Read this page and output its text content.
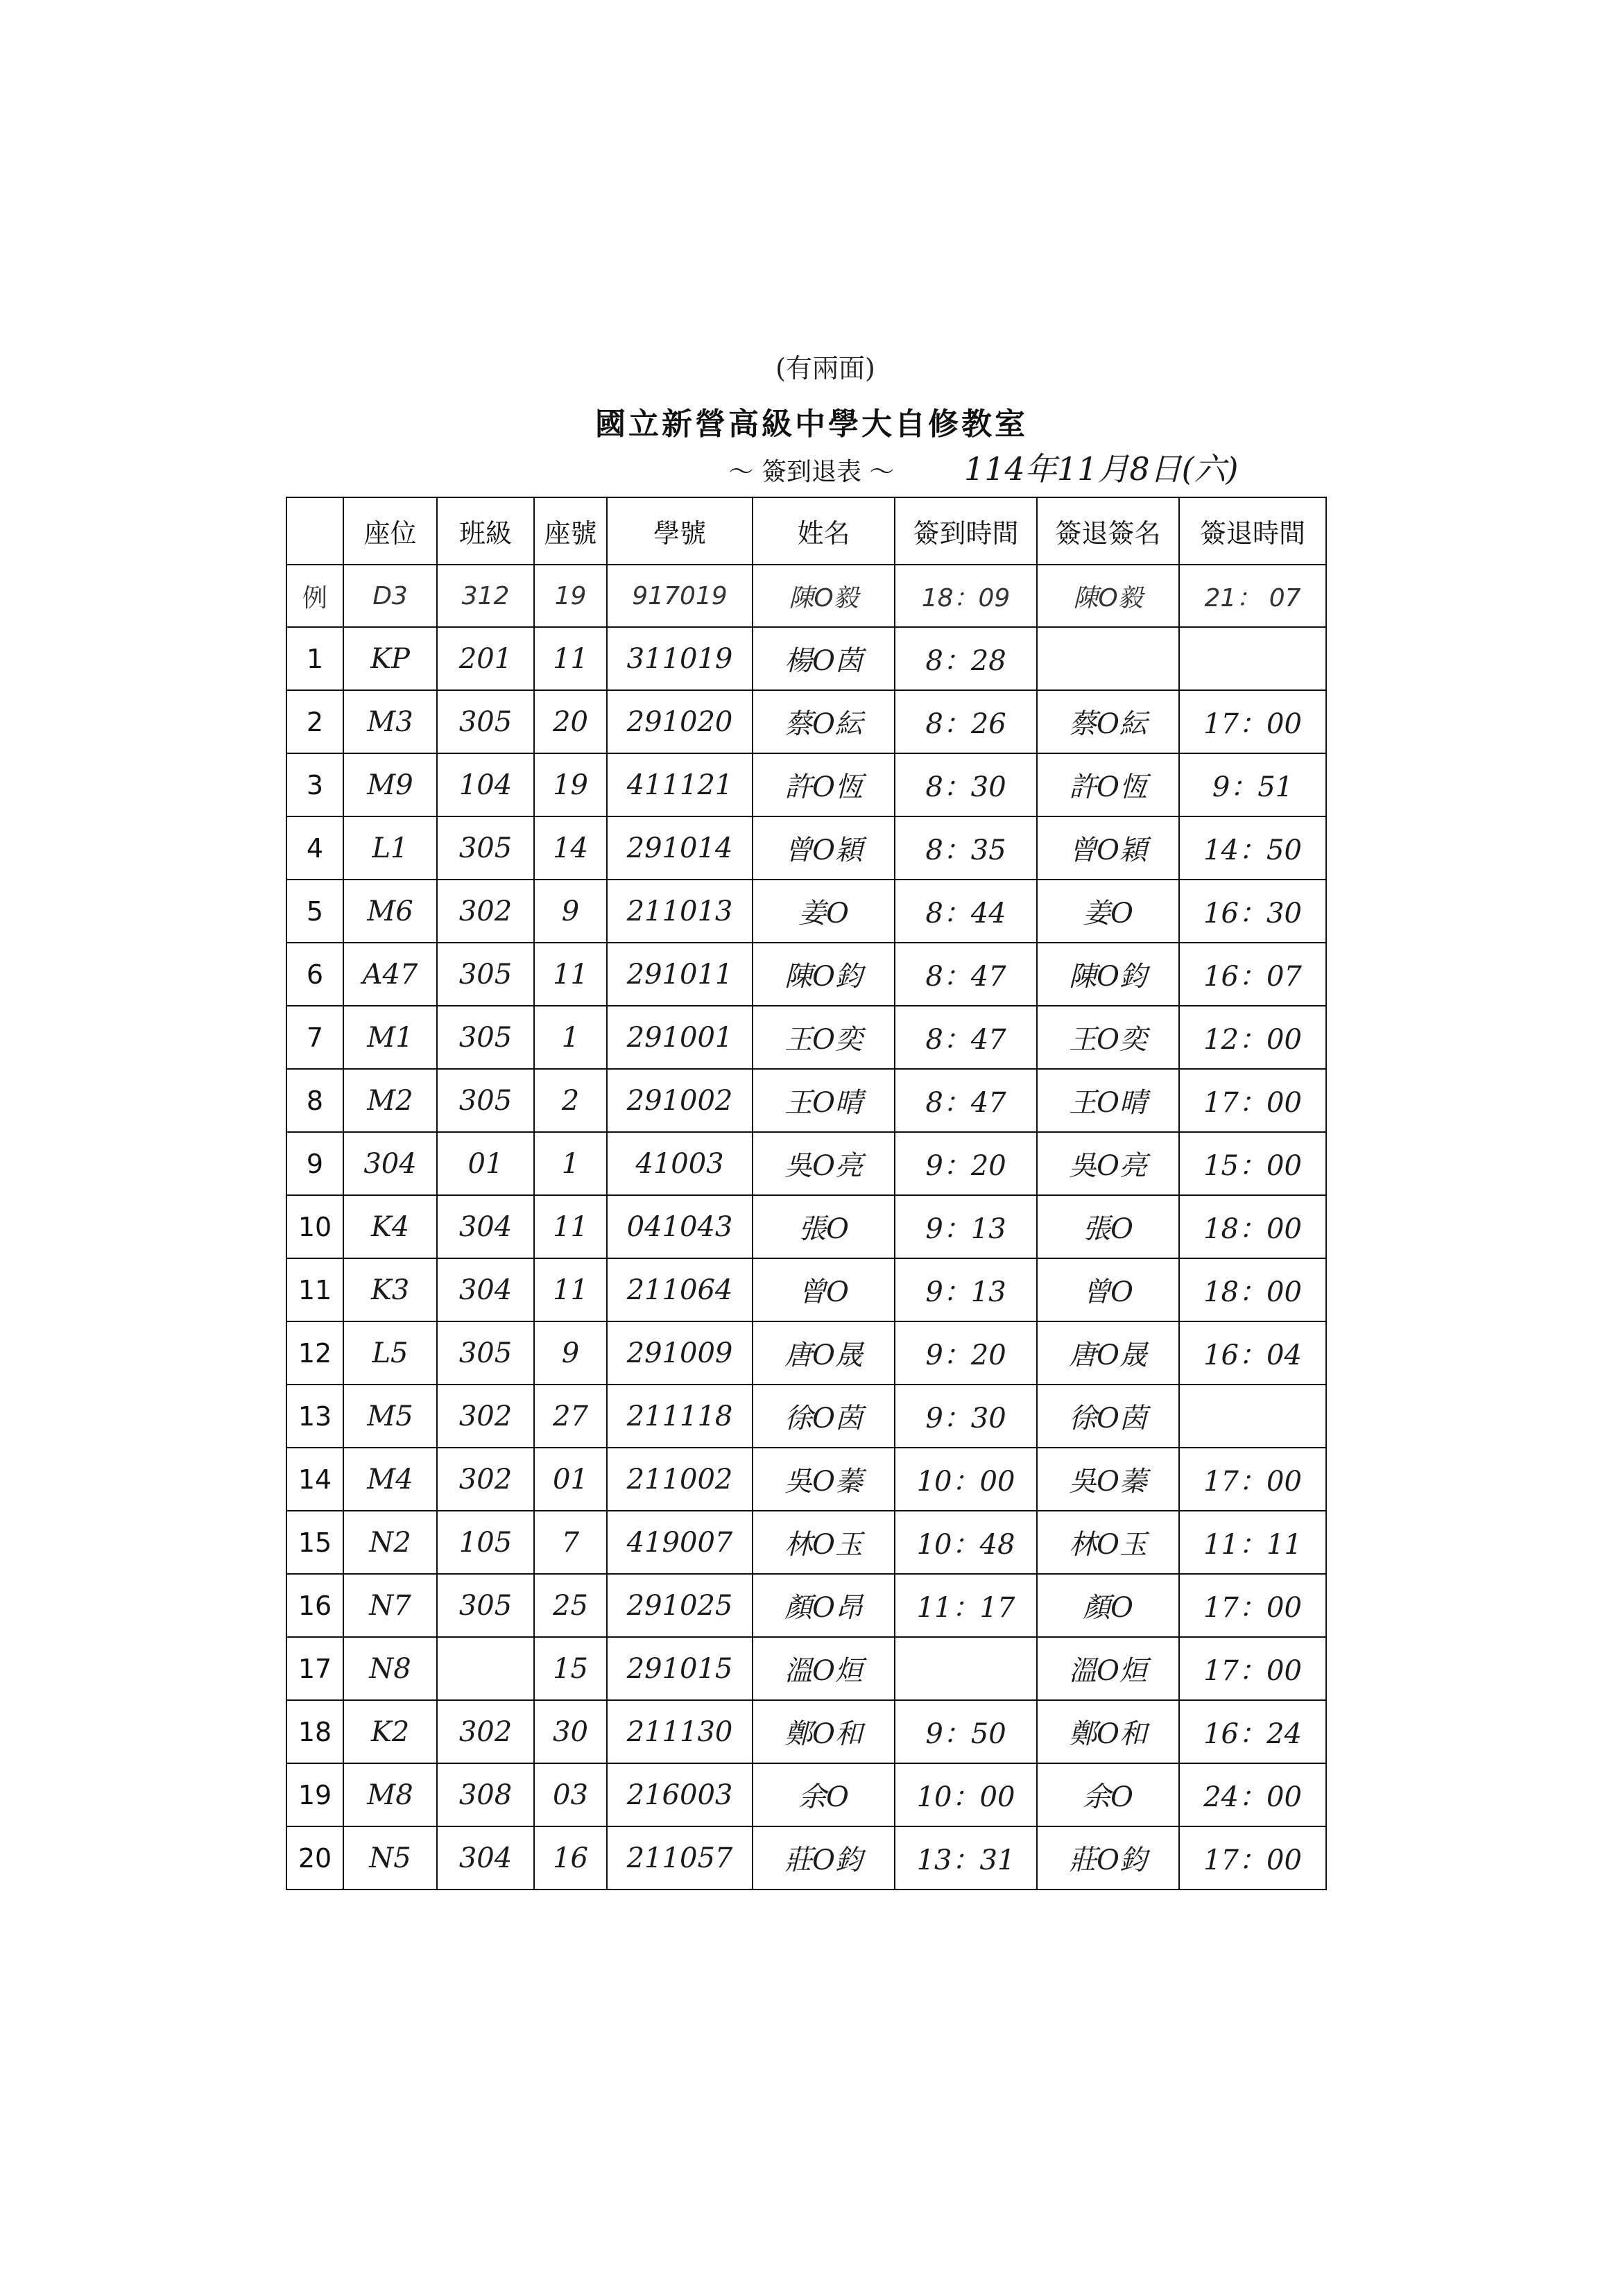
(有兩面)
國立新營高級中學大自修教室
～ 簽到退表 ～	114年11月8日(六)
	座位	班級	座號	學號	姓名	簽到時間	簽退簽名	簽退時間
例	D3	312	19	917019	陳O毅	18：09	陳O毅	21： 07
1	KP	201	11	311019	楊O茵	8：28		
2	M3	305	20	291020	蔡O紜	8：26	蔡O紜	17：00
3	M9	104	19	411121	許O恆	8：30	許O恆	9：51
4	L1	305	14	291014	曾O穎	8：35	曾O穎	14：50
5	M6	302	9	211013	姜O	8：44	姜O	16：30
6	A47	305	11	291011	陳O鈞	8：47	陳O鈞	16：07
7	M1	305	1	291001	王O奕	8：47	王O奕	12：00
8	M2	305	2	291002	王O晴	8：47	王O晴	17：00
9	304	01	1	41003	吳O亮	9：20	吳O亮	15：00
10	K4	304	11	041043	張O	9：13	張O	18：00
11	K3	304	11	211064	曾O	9：13	曾O	18：00
12	L5	305	9	291009	唐O晟	9：20	唐O晟	16：04
13	M5	302	27	211118	徐O茵	9：30	徐O茵	
14	M4	302	01	211002	吳O蓁	10：00	吳O蓁	17：00
15	N2	105	7	419007	林O玉	10：48	林O玉	11：11
16	N7	305	25	291025	顏O昂	11：17	顏O	17：00
17	N8		15	291015	溫O烜		溫O烜	17：00
18	K2	302	30	211130	鄭O和	9：50	鄭O和	16：24
19	M8	308	03	216003	余O	10：00	余O	24：00
20	N5	304	16	211057	莊O鈞	13：31	莊O鈞	17：00
